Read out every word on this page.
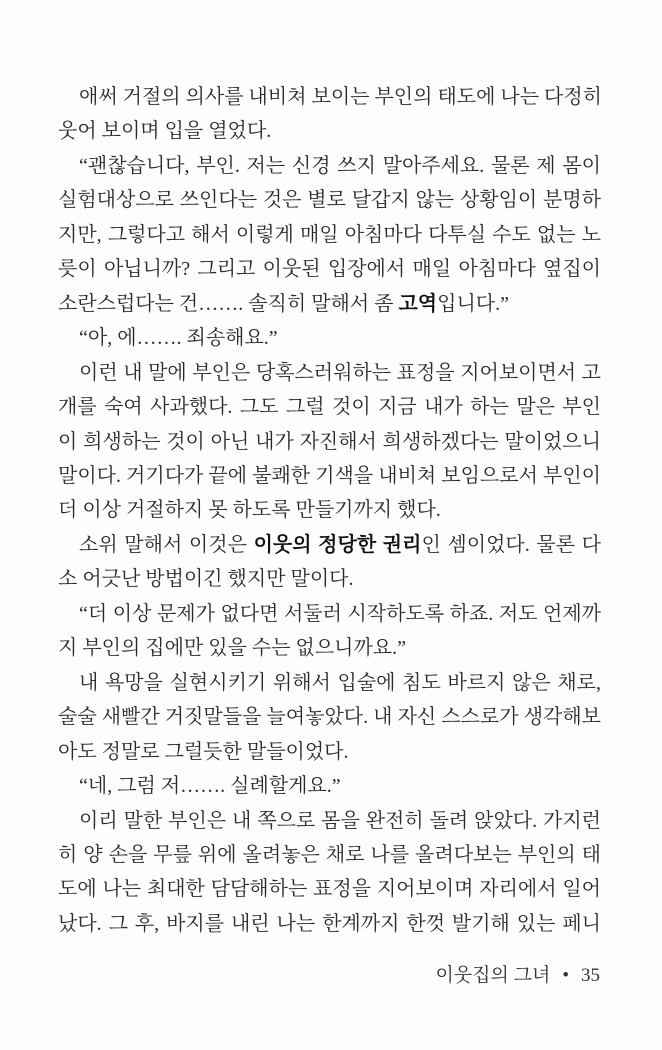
애써 거절의 의사를 내비쳐 보이는 부인의 태도에 나는 다정히
웃어 보이며 입을 열었다.
“괜찮습니다, 부인. 저는 신경 쓰지 말아주세요. 물론 제 몸이
실험대상으로 쓰인다는 것은 별로 달갑지 않는 상황임이 분명하
지만, 그렇다고 해서 이렇게 매일 아침마다 다투실 수도 없는 노
릇이 아닙니까? 그리고 이웃된 입장에서 매일 아침마다 옆집이
소란스럽다는 건……. 솔직히 말해서 좀 고역입니다.”
“아, 에……. 죄송해요.”
이런 내 말에 부인은 당혹스러워하는 표정을 지어보이면서 고
개를 숙여 사과했다. 그도 그럴 것이 지금 내가 하는 말은 부인
이 희생하는 것이 아닌 내가 자진해서 희생하겠다는 말이었으니
말이다. 거기다가 끝에 불쾌한 기색을 내비쳐 보임으로서 부인이
더 이상 거절하지 못 하도록 만들기까지 했다.
소위 말해서 이것은 이웃의 정당한 권리인 셈이었다. 물론 다
소 어긋난 방법이긴 했지만 말이다.
“더 이상 문제가 없다면 서둘러 시작하도록 하죠. 저도 언제까
지 부인의 집에만 있을 수는 없으니까요.”
내 욕망을 실현시키기 위해서 입술에 침도 바르지 않은 채로,
술술 새빨간 거짓말들을 늘여놓았다. 내 자신 스스로가 생각해보
아도 정말로 그럴듯한 말들이었다.
“네, 그럼 저……. 실례할게요.”
이리 말한 부인은 내 쪽으로 몸을 완전히 돌려 앉았다. 가지런
히 양 손을 무릎 위에 올려놓은 채로 나를 올려다보는 부인의 태
도에 나는 최대한 담담해하는 표정을 지어보이며 자리에서 일어
났다. 그 후, 바지를 내린 나는 한계까지 한껏 발기해 있는 페니
이웃집의 그녀 • 35
